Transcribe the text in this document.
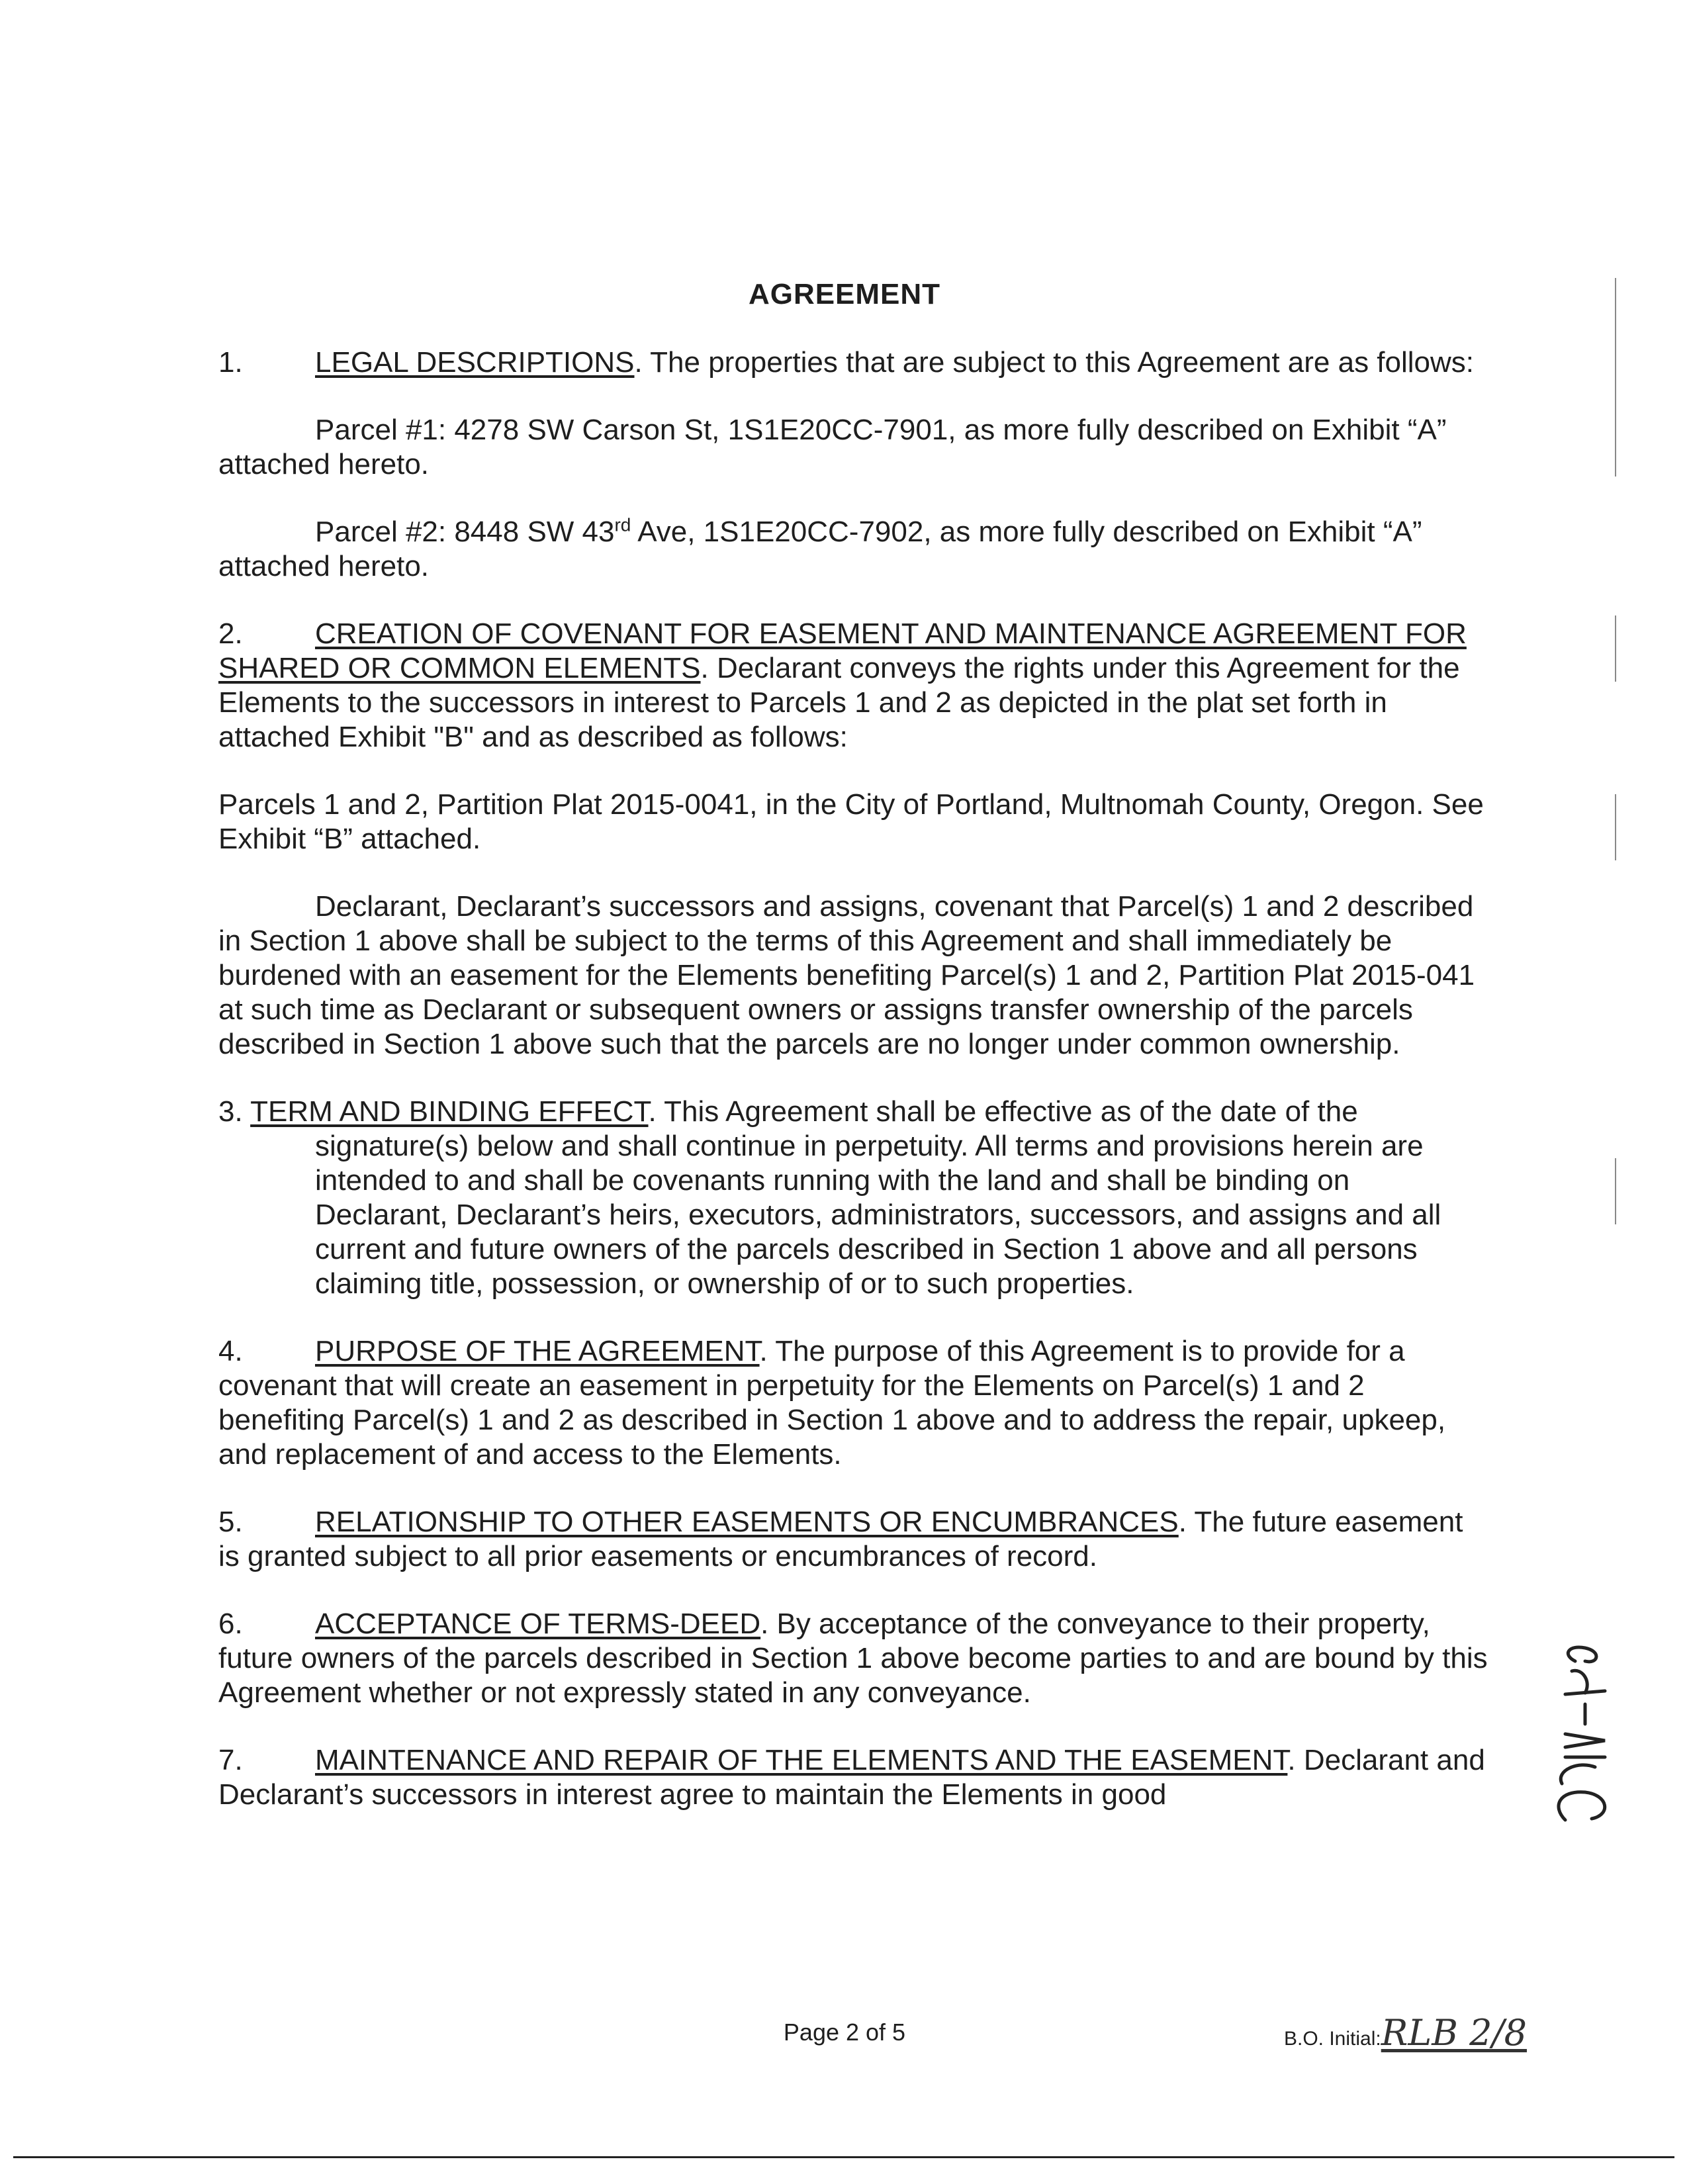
AGREEMENT

1. LEGAL DESCRIPTIONS. The properties that are subject to this Agreement are as follows:

Parcel #1: 4278 SW Carson St, 1S1E20CC-7901, as more fully described on Exhibit “A” attached hereto.

Parcel #2: 8448 SW 43rd Ave, 1S1E20CC-7902, as more fully described on Exhibit “A” attached hereto.

2. CREATION OF COVENANT FOR EASEMENT AND MAINTENANCE AGREEMENT FOR SHARED OR COMMON ELEMENTS. Declarant conveys the rights under this Agreement for the Elements to the successors in interest to Parcels 1 and 2 as depicted in the plat set forth in attached Exhibit "B" and as described as follows:

Parcels 1 and 2, Partition Plat 2015-0041, in the City of Portland, Multnomah County, Oregon. See Exhibit “B” attached.

Declarant, Declarant’s successors and assigns, covenant that Parcel(s) 1 and 2 described in Section 1 above shall be subject to the terms of this Agreement and shall immediately be burdened with an easement for the Elements benefiting Parcel(s) 1 and 2, Partition Plat 2015-041 at such time as Declarant or subsequent owners or assigns transfer ownership of the parcels described in Section 1 above such that the parcels are no longer under common ownership.

3. TERM AND BINDING EFFECT. This Agreement shall be effective as of the date of the signature(s) below and shall continue in perpetuity. All terms and provisions herein are intended to and shall be covenants running with the land and shall be binding on Declarant, Declarant’s heirs, executors, administrators, successors, and assigns and all current and future owners of the parcels described in Section 1 above and all persons claiming title, possession, or ownership of or to such properties.

4. PURPOSE OF THE AGREEMENT. The purpose of this Agreement is to provide for a covenant that will create an easement in perpetuity for the Elements on Parcel(s) 1 and 2 benefiting Parcel(s) 1 and 2 as described in Section 1 above and to address the repair, upkeep, and replacement of and access to the Elements.

5. RELATIONSHIP TO OTHER EASEMENTS OR ENCUMBRANCES. The future easement is granted subject to all prior easements or encumbrances of record.

6. ACCEPTANCE OF TERMS-DEED. By acceptance of the conveyance to their property, future owners of the parcels described in Section 1 above become parties to and are bound by this Agreement whether or not expressly stated in any conveyance.

7. MAINTENANCE AND REPAIR OF THE ELEMENTS AND THE EASEMENT. Declarant and Declarant’s successors in interest agree to maintain the Elements in good

B.O. Initial:RLB 2/8
Page 2 of 5
